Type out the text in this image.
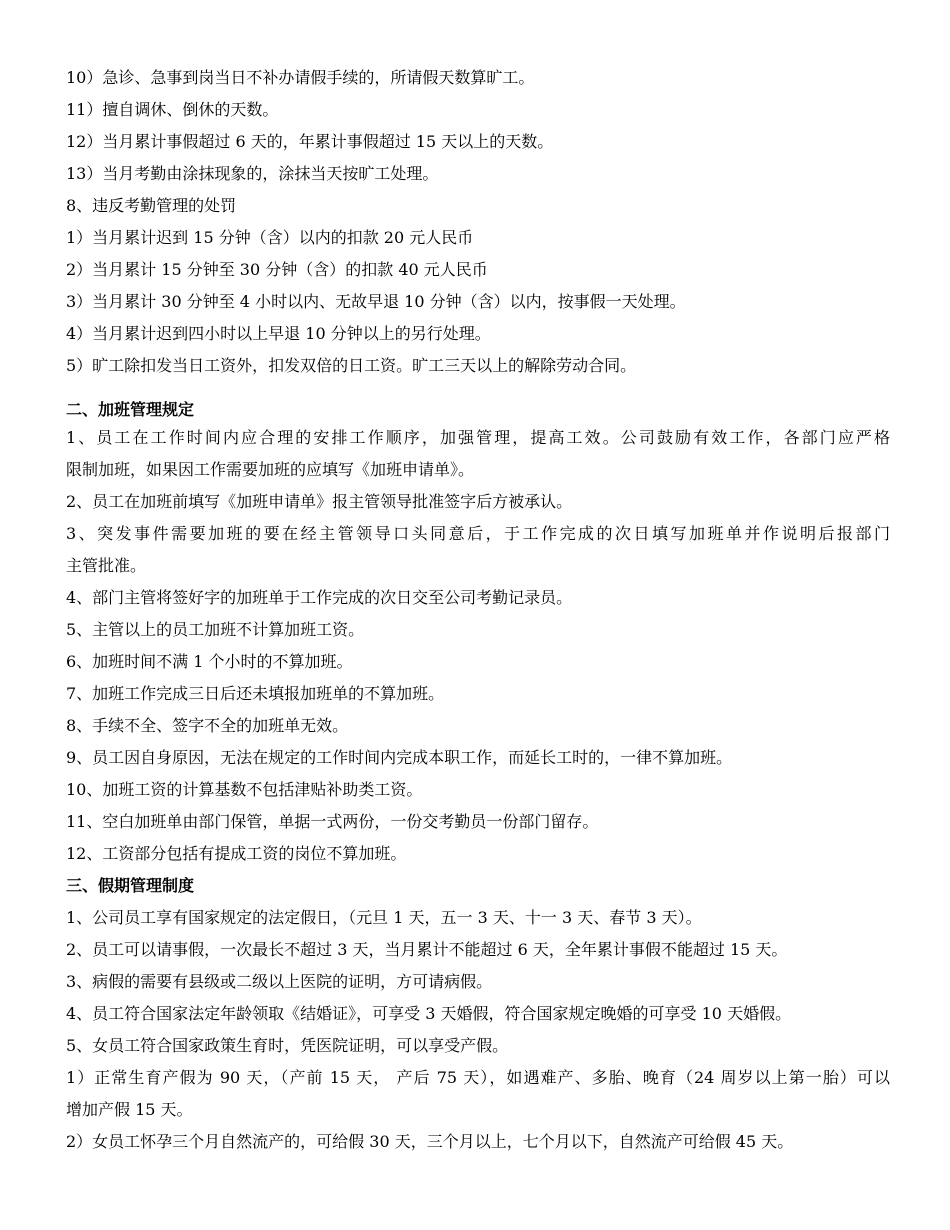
10）急诊、急事到岗当日不补办请假手续的，所请假天数算旷工。
11）擅自调休、倒休的天数。
12）当月累计事假超过 6 天的，年累计事假超过 15 天以上的天数。
13）当月考勤由涂抹现象的，涂抹当天按旷工处理。
8、违反考勤管理的处罚
1）当月累计迟到 15 分钟（含）以内的扣款 20 元人民币
2）当月累计 15 分钟至 30 分钟（含）的扣款 40 元人民币
3）当月累计 30 分钟至 4 小时以内、无故早退 10 分钟（含）以内，按事假一天处理。
4）当月累计迟到四小时以上早退 10 分钟以上的另行处理。
5）旷工除扣发当日工资外，扣发双倍的日工资。旷工三天以上的解除劳动合同。
二、加班管理规定
1、员工在工作时间内应合理的安排工作顺序，加强管理，提高工效。公司鼓励有效工作，各部门应严格
限制加班，如果因工作需要加班的应填写《加班申请单》。
2、员工在加班前填写《加班申请单》报主管领导批准签字后方被承认。
3、突发事件需要加班的要在经主管领导口头同意后，于工作完成的次日填写加班单并作说明后报部门
主管批准。
4、部门主管将签好字的加班单于工作完成的次日交至公司考勤记录员。
5、主管以上的员工加班不计算加班工资。
6、加班时间不满 1 个小时的不算加班。
7、加班工作完成三日后还未填报加班单的不算加班。
8、手续不全、签字不全的加班单无效。
9、员工因自身原因，无法在规定的工作时间内完成本职工作，而延长工时的，一律不算加班。
10、加班工资的计算基数不包括津贴补助类工资。
11、空白加班单由部门保管，单据一式两份，一份交考勤员一份部门留存。
12、工资部分包括有提成工资的岗位不算加班。
三、假期管理制度
1、公司员工享有国家规定的法定假日，（元旦 1 天，五一 3 天、十一 3 天、春节 3 天）。
2、员工可以请事假，一次最长不超过 3 天，当月累计不能超过 6 天，全年累计事假不能超过 15 天。
3、病假的需要有县级或二级以上医院的证明，方可请病假。
4、员工符合国家法定年龄领取《结婚证》，可享受 3 天婚假，符合国家规定晚婚的可享受 10 天婚假。
5、女员工符合国家政策生育时，凭医院证明，可以享受产假。
1）正常生育产假为 90 天，（产前 15 天， 产后 75 天），如遇难产、多胎、晚育（24 周岁以上第一胎）可以
增加产假 15 天。
2）女员工怀孕三个月自然流产的，可给假 30 天，三个月以上，七个月以下，自然流产可给假 45 天。
